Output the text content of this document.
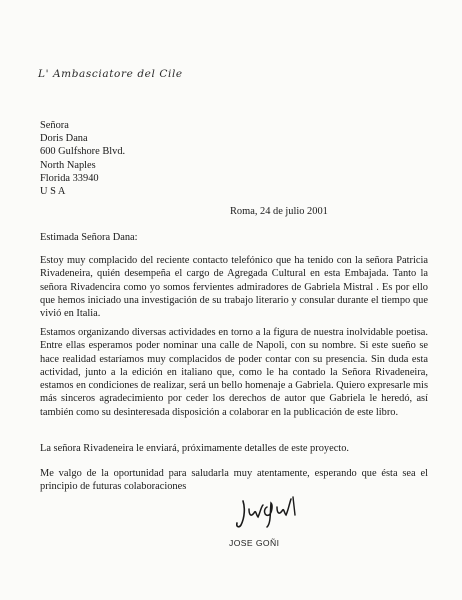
L' Ambasciatore del Cile
Señora
Doris Dana
600 Gulfshore Blvd.
North Naples
Florida 33940
U S A
Roma, 24 de julio 2001
Estimada Señora Dana:
Estoy muy complacido del reciente contacto telefónico que ha tenido con la señora Patricia Rivadeneira, quién desempeña el cargo de Agregada Cultural en esta Embajada. Tanto la señora Rivadencira como yo somos fervientes admiradores de Gabriela Mistral . Es por ello que hemos iniciado una investigación de su trabajo literario y consular durante el tiempo que vivió en Italia.
Estamos organizando diversas actividades en torno a la figura de nuestra inolvidable poetisa. Entre ellas esperamos poder nominar una calle de Napoli, con su nombre. Si este sueño se hace realidad estaríamos muy complacidos de poder contar con su presencia. Sin duda esta actividad, junto a la edición en italiano que, como le ha contado la Señora Rivadeneira, estamos en condiciones de realizar, será un bello homenaje a Gabriela. Quiero expresarle mis más sinceros agradecimiento por ceder los derechos de autor que Gabriela le heredó, así también como su desinteresada disposición a colaborar en la publicación de este libro.
La señora Rivadeneira le enviará, próximamente detalles de este proyecto.
Me valgo de la oportunidad para saludarla muy atentamente, esperando que ésta sea el principio de futuras colaboraciones
JOSE GOÑI
